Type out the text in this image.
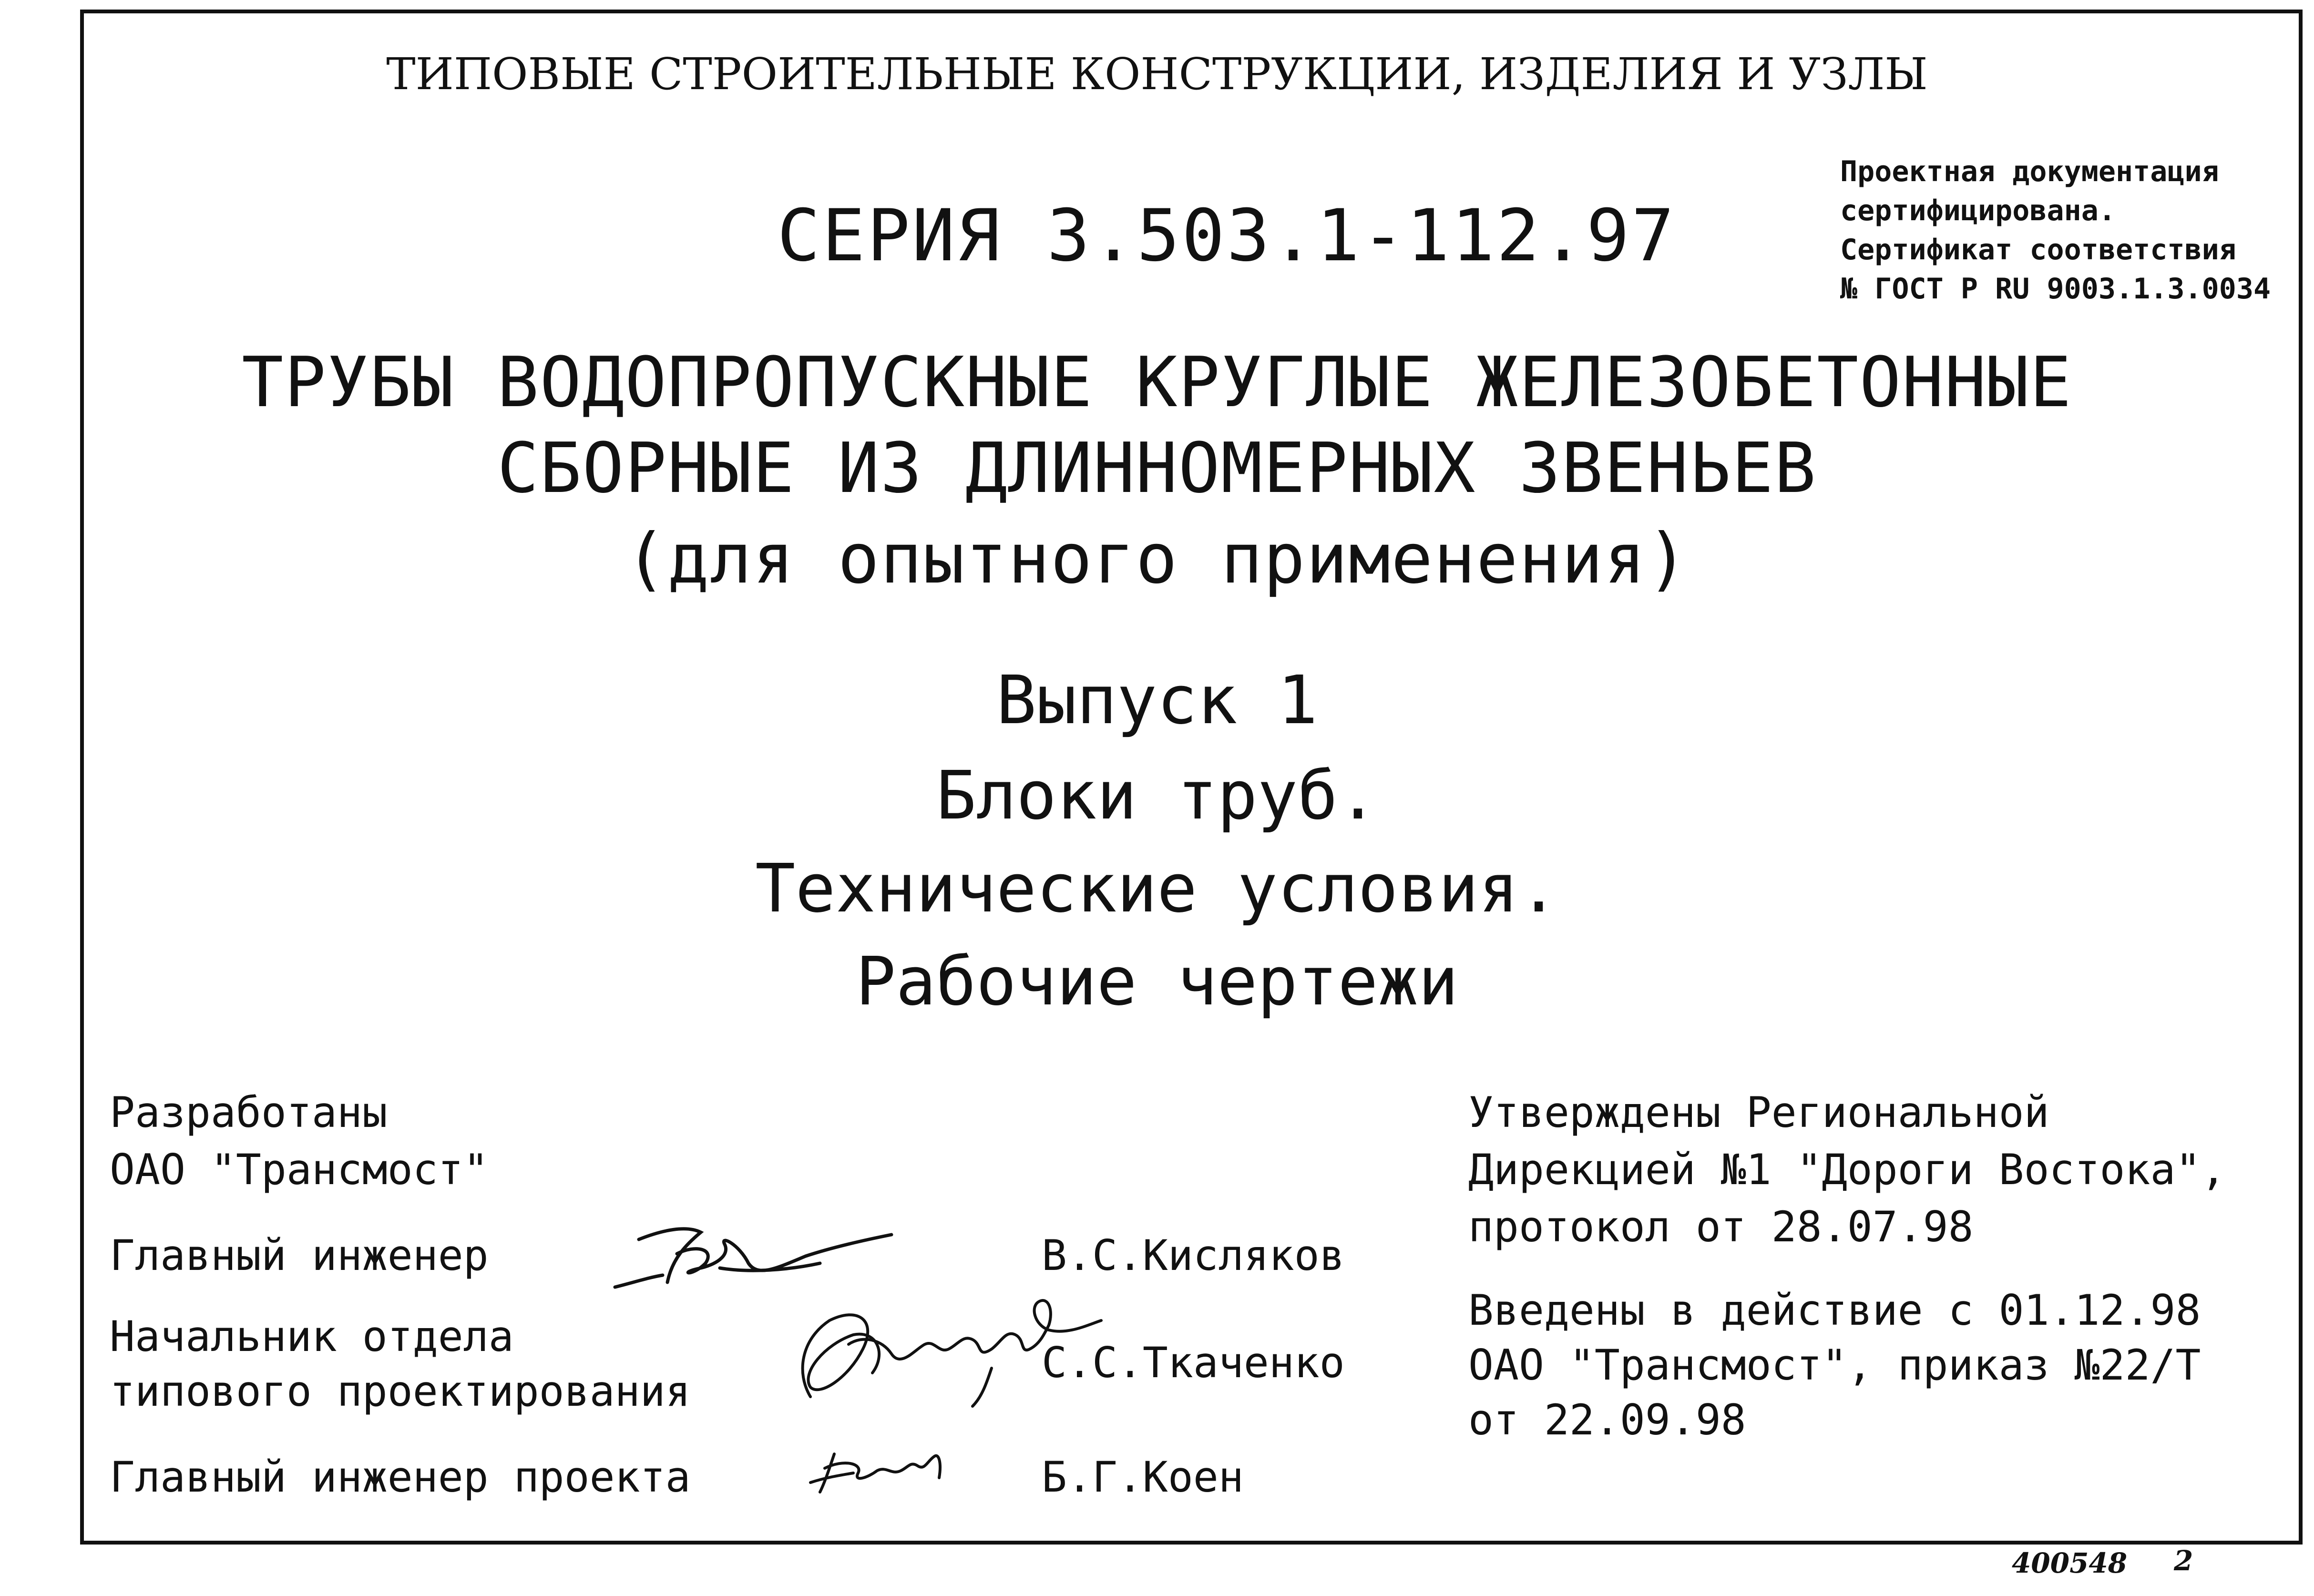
ТИПОВЫЕ СТРОИТЕЛЬНЫЕ КОНСТРУКЦИИ, ИЗДЕЛИЯ И УЗЛЫ
СЕРИЯ 3.503.1-112.97
Проектная документация
сертифицирована.
Сертификат соответствия
№ ГОСТ Р RU 9003.1.3.0034
ТРУБЫ ВОДОПРОПУСКНЫЕ КРУГЛЫЕ ЖЕЛЕЗОБЕТОННЫЕ
СБОРНЫЕ ИЗ ДЛИННОМЕРНЫХ ЗВЕНЬЕВ
(для опытного применения)
Выпуск 1
Блоки труб.
Технические условия.
Рабочие чертежи
Разработаны
ОАО "Трансмост"
Главный инженер	В.С.Кисляков
Начальник отдела
типового проектирования
С.С.Ткаченко
Главный инженер проекта	Б.Г.Коен
Утверждены Региональной
Дирекцией №1 "Дороги Востока",
протокол от 28.07.98
Введены в действие с 01.12.98
ОАО "Трансмост", приказ №22/Т
от 22.09.98
400548 2
